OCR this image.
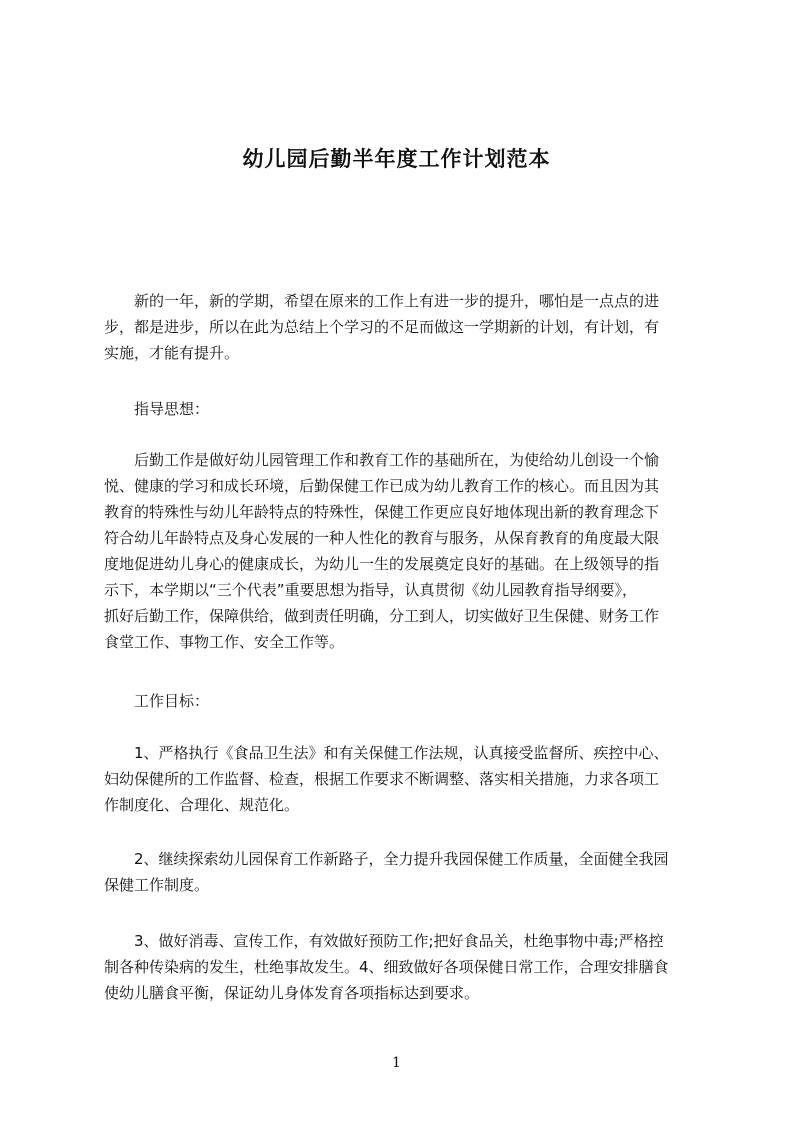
幼儿园后勤半年度工作计划范本
　　新的一年，新的学期，希望在原来的工作上有进一步的提升，哪怕是一点点的进
步，都是进步，所以在此为总结上个学习的不足而做这一学期新的计划，有计划，有
实施，才能有提升。
　　指导思想：
　　后勤工作是做好幼儿园管理工作和教育工作的基础所在，为使给幼儿创设一个愉
悦、健康的学习和成长环境，后勤保健工作已成为幼儿教育工作的核心。而且因为其
教育的特殊性与幼儿年龄特点的特殊性，保健工作更应良好地体现出新的教育理念下
符合幼儿年龄特点及身心发展的一种人性化的教育与服务，从保育教育的角度最大限
度地促进幼儿身心的健康成长，为幼儿一生的发展奠定良好的基础。在上级领导的指
示下，本学期以“三个代表”重要思想为指导，认真贯彻《幼儿园教育指导纲要》，
抓好后勤工作，保障供给，做到责任明确，分工到人，切实做好卫生保健、财务工作
食堂工作、事物工作、安全工作等。
　　工作目标：
　　1、严格执行《食品卫生法》和有关保健工作法规，认真接受监督所、疾控中心、
妇幼保健所的工作监督、检查，根据工作要求不断调整、落实相关措施，力求各项工
作制度化、合理化、规范化。
　　2、继续探索幼儿园保育工作新路子，全力提升我园保健工作质量，全面健全我园
保健工作制度。
　　3、做好消毒、宣传工作，有效做好预防工作;把好食品关，杜绝事物中毒;严格控
制各种传染病的发生，杜绝事故发生。4、细致做好各项保健日常工作，合理安排膳食
使幼儿膳食平衡，保证幼儿身体发育各项指标达到要求。
1
